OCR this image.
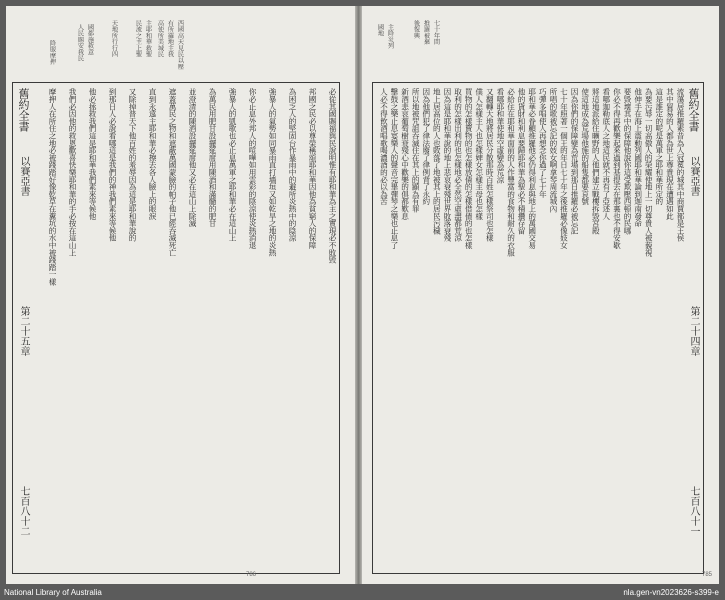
西國高天見民以壓
有所羅地主我
高使所美城民
主耶和華救聖
民流之主上聖
天地所行行四
國都施救意
人民賜安我民
降服摩押
舊約全書
以賽亞書
第二十五章
七百八十二
必從其國賜福與民說明惟有耶和華為主之實現必不敗毁
邦國之民必以尊榮稱頌耶和華因他為貧窮人的保障
為困乏人的堅固台作暴雨中的避所炎熱中的陰涼
強暴人的氣勢如同暴雨直打墻垣又如乾旱之地的炎熱
你必止息外邦人的喧嘩如用雲彩的陰涼使炎熱消退
強暴人的凱歌也必止息萬軍之耶和華必在這山上
為萬民用肥甘設擺筵席用陳酒和滿髓的肥甘
並澄清的陳酒設擺筵席他又必在這山上除滅
遮蓋萬民之物和遮蔽萬國蒙臉的帕子他已經吞滅死亡
直到永遠主耶和華必擦去各人臉上的眼淚
又除掉普天下他百姓的羞辱因為這是耶和華說的
到那日人必說看哪這是我們的神我們素來等候他
他必拯救我們這是耶和華我們素來等候他
我們必因他的救恩歡喜快樂耶和華的手必按在這山上
摩押人在所住之地必被踐踏好像乾草在糞坑的水中被踐踏一樣
786
七十年間
推羅被棄
後復興
主降災列
國地
舊約全書
以賽亞書
第二十四章
七百八十一
流蕩居推羅素昔為人冠冕的城其中商賈都是王侯
其中貿易的人都為世上尊貴現在遭遇如此
這是誰定的呢是萬軍之耶和華所定的
為要污辱一切高傲人的榮耀使地上一切尊貴人被藐視
他伸手在海上震動列國耶和華論到迦南發命
要毀壞其中的保障他說你這受欺壓西頓的民哪
你必不得再歡樂起來過到基提去在那裏也不得安歇
看哪迦勒底人之地這民就不再有了亞述人
將這地派給住曠野的人他們建立戰樓拆毀宮殿
使這地成為荒場他施的船隻都要哀號
因為你們的保障變為荒場到那日推羅必被忘記
七十年照著一個王的年日七十年之後推羅必像妓女
所唱的歌被忘記的妓女啊拿琴周流城內
巧彈多唱使人再想念你過了七十年
耶和華必眷顧推羅他必仍得利息與地上的萬國交易
他的貨財和利息要歸耶和華為聖必不積攢存留
必給住在耶和華面前的人作豐富的食物和耐久的衣服
看哪耶和華使地空虛變為荒涼
又翻轉大地將居民分散那時百姓怎樣祭司也怎樣
僕人怎樣主人也怎樣婢女怎樣主母也怎樣
買物的怎樣賣物的也怎樣放債的怎樣借債的也怎樣
取利的怎樣出利的也怎樣地必全然空虛盡都荒涼
因為這是耶和華說的地上悲哀衰殘世界敗落衰殘
地上居高位的人也敗落了地被其上的居民污穢
因為他們犯了律法廢了律例背了永約
所以地被咒詛吞滅住在其上的顯為有罪
新酒悲哀葡萄樹衰殘心中歡樂的俱都歎息
擊鼓之樂止息宴樂人的聲音完畢彈琴之樂也止息了
人必不得飲酒唱歌喝濃酒的必以為苦
785
National Library of Australia	nla.gen-vn2023626-s399-e
